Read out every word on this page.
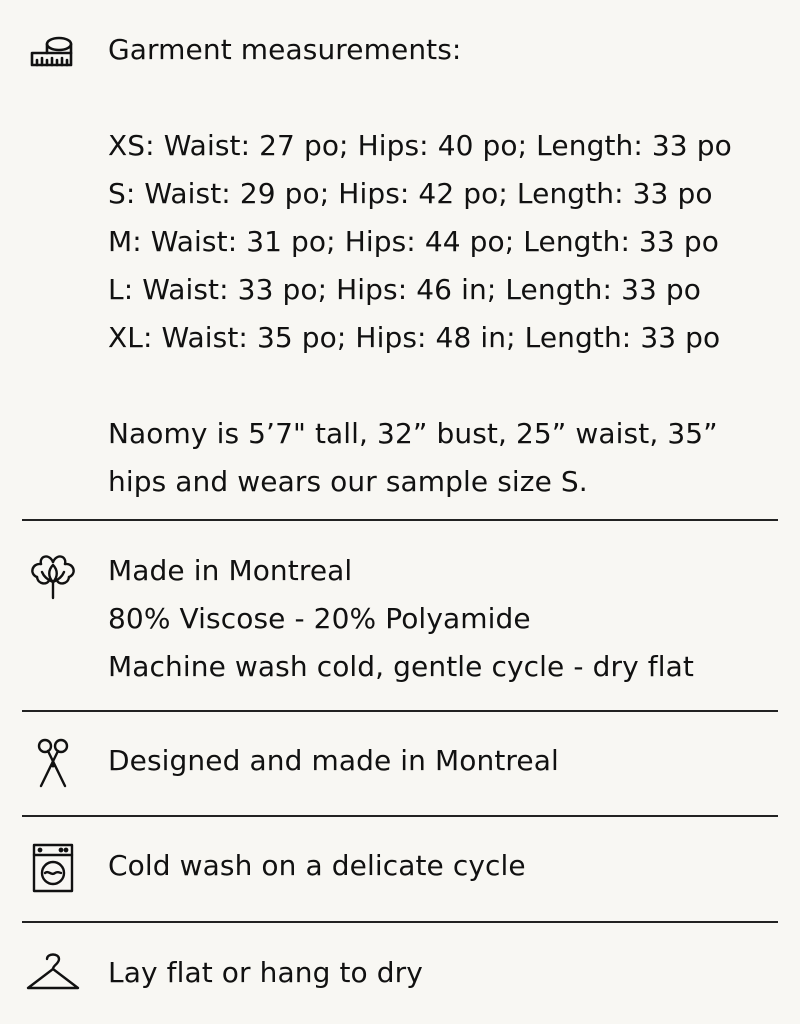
Garment measurements:
XS: Waist: 27 po; Hips: 40 po; Length: 33 po
S: Waist: 29 po; Hips: 42 po; Length: 33 po
M: Waist: 31 po; Hips: 44 po; Length: 33 po
L: Waist: 33 po; Hips: 46 in; Length: 33 po
XL: Waist: 35 po; Hips: 48 in; Length: 33 po
Naomy is 5’7" tall, 32” bust, 25” waist, 35”
hips and wears our sample size S.
Made in Montreal
80% Viscose - 20% Polyamide
Machine wash cold, gentle cycle - dry flat
Designed and made in Montreal
Cold wash on a delicate cycle
Lay flat or hang to dry
